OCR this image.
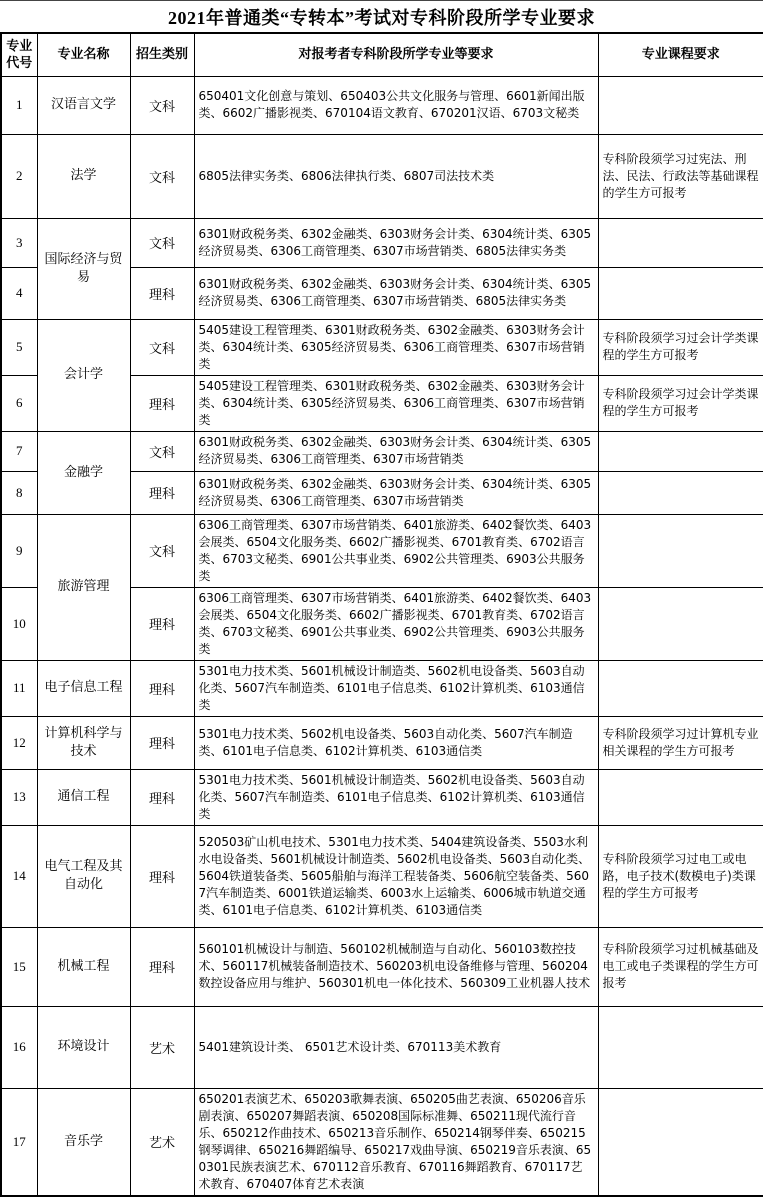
2021年普通类“专转本”考试对专科阶段所学专业要求
专业代号	专业名称	招生类别	对报考者专科阶段所学专业等要求	专业课程要求
1	汉语言文学	文科	650401文化创意与策划、650403公共文化服务与管理、6601新闻出版类、6602广播影视类、670104语文教育、670201汉语、6703文秘类	
2	法学	文科	6805法律实务类、6806法律执行类、6807司法技术类	专科阶段须学习过宪法、刑法、民法、行政法等基础课程的学生方可报考
3	国际经济与贸易	文科	6301财政税务类、6302金融类、6303财务会计类、6304统计类、6305经济贸易类、6306工商管理类、6307市场营销类、6805法律实务类	
4		理科	6301财政税务类、6302金融类、6303财务会计类、6304统计类、6305经济贸易类、6306工商管理类、6307市场营销类、6805法律实务类	
5	会计学	文科	5405建设工程管理类、6301财政税务类、6302金融类、6303财务会计类、6304统计类、6305经济贸易类、6306工商管理类、6307市场营销类	专科阶段须学习过会计学类课程的学生方可报考
6		理科	5405建设工程管理类、6301财政税务类、6302金融类、6303财务会计类、6304统计类、6305经济贸易类、6306工商管理类、6307市场营销类	专科阶段须学习过会计学类课程的学生方可报考
7	金融学	文科	6301财政税务类、6302金融类、6303财务会计类、6304统计类、6305经济贸易类、6306工商管理类、6307市场营销类	
8		理科	6301财政税务类、6302金融类、6303财务会计类、6304统计类、6305经济贸易类、6306工商管理类、6307市场营销类	
9	旅游管理	文科	6306工商管理类、6307市场营销类、6401旅游类、6402餐饮类、6403会展类、6504文化服务类、6602广播影视类、6701教育类、6702语言类、6703文秘类、6901公共事业类、6902公共管理类、6903公共服务类	
10		理科	6306工商管理类、6307市场营销类、6401旅游类、6402餐饮类、6403会展类、6504文化服务类、6602广播影视类、6701教育类、6702语言类、6703文秘类、6901公共事业类、6902公共管理类、6903公共服务类	
11	电子信息工程	理科	5301电力技术类、5601机械设计制造类、5602机电设备类、5603自动化类、5607汽车制造类、6101电子信息类、6102计算机类、6103通信类	
12	计算机科学与技术	理科	5301电力技术类、5602机电设备类、5603自动化类、5607汽车制造类、6101电子信息类、6102计算机类、6103通信类	专科阶段须学习过计算机专业相关课程的学生方可报考
13	通信工程	理科	5301电力技术类、5601机械设计制造类、5602机电设备类、5603自动化类、5607汽车制造类、6101电子信息类、6102计算机类、6103通信类	
14	电气工程及其自动化	理科	520503矿山机电技术、5301电力技术类、5404建筑设备类、5503水利水电设备类、5601机械设计制造类、5602机电设备类、5603自动化类、5604铁道装备类、5605船舶与海洋工程装备类、5606航空装备类、5607汽车制造类、6001铁道运输类、6003水上运输类、6006城市轨道交通类、6101电子信息类、6102计算机类、6103通信类	专科阶段须学习过电工或电路，电子技术(数模电子)类课程的学生方可报考
15	机械工程	理科	560101机械设计与制造、560102机械制造与自动化、560103数控技术、560117机械装备制造技术、560203机电设备维修与管理、560204数控设备应用与维护、560301机电一体化技术、560309工业机器人技术	专科阶段须学习过机械基础及电工或电子类课程的学生方可报考
16	环境设计	艺术	5401建筑设计类、 6501艺术设计类、670113美术教育	
17	音乐学	艺术	650201表演艺术、650203歌舞表演、650205曲艺表演、650206音乐剧表演、650207舞蹈表演、650208国际标准舞、650211现代流行音乐、650212作曲技术、650213音乐制作、650214钢琴伴奏、650215钢琴调律、650216舞蹈编导、650217戏曲导演、650219音乐表演、650301民族表演艺术、670112音乐教育、670116舞蹈教育、670117艺术教育、670407体育艺术表演	
